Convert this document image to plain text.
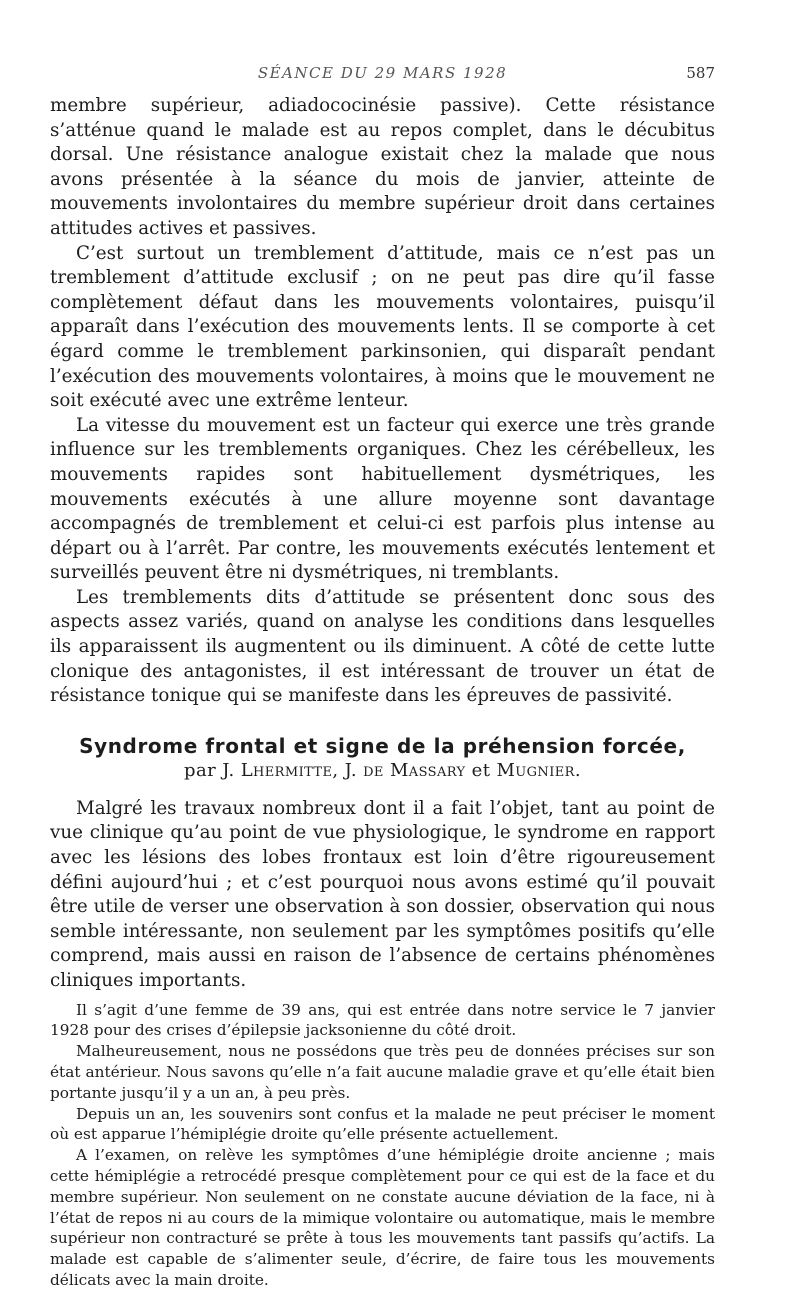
SÉANCE DU 29 MARS 1928	587

membre supérieur, adiadococinésie passive). Cette résistance s’atténue quand le malade est au repos complet, dans le décubitus dorsal. Une résistance analogue existait chez la malade que nous avons présentée à la séance du mois de janvier, atteinte de mouvements involontaires du membre supérieur droit dans certaines attitudes actives et passives.

C’est surtout un tremblement d’attitude, mais ce n’est pas un tremblement d’attitude exclusif ; on ne peut pas dire qu’il fasse complètement défaut dans les mouvements volontaires, puisqu’il apparaît dans l’exécution des mouvements lents. Il se comporte à cet égard comme le tremblement parkinsonien, qui disparaît pendant l’exécution des mouvements volontaires, à moins que le mouvement ne soit exécuté avec une extrême lenteur.

La vitesse du mouvement est un facteur qui exerce une très grande influence sur les tremblements organiques. Chez les cérébelleux, les mouvements rapides sont habituellement dysmétriques, les mouvements exécutés à une allure moyenne sont davantage accompagnés de tremblement et celui-ci est parfois plus intense au départ ou à l’arrêt. Par contre, les mouvements exécutés lentement et surveillés peuvent être ni dysmétriques, ni tremblants.

Les tremblements dits d’attitude se présentent donc sous des aspects assez variés, quand on analyse les conditions dans lesquelles ils apparaissent ils augmentent ou ils diminuent. A côté de cette lutte clonique des antagonistes, il est intéressant de trouver un état de résistance tonique qui se manifeste dans les épreuves de passivité.

Syndrome frontal et signe de la préhension forcée,
par J. Lhermitte, J. de Massary et Mugnier.

Malgré les travaux nombreux dont il a fait l’objet, tant au point de vue clinique qu’au point de vue physiologique, le syndrome en rapport avec les lésions des lobes frontaux est loin d’être rigoureusement défini aujourd’hui ; et c’est pourquoi nous avons estimé qu’il pouvait être utile de verser une observation à son dossier, observation qui nous semble intéressante, non seulement par les symptômes positifs qu’elle comprend, mais aussi en raison de l’absence de certains phénomènes cliniques importants.

Il s’agit d’une femme de 39 ans, qui est entrée dans notre service le 7 janvier 1928 pour des crises d’épilepsie jacksonienne du côté droit.

Malheureusement, nous ne possédons que très peu de données précises sur son état antérieur. Nous savons qu’elle n’a fait aucune maladie grave et qu’elle était bien portante jusqu’il y a un an, à peu près.

Depuis un an, les souvenirs sont confus et la malade ne peut préciser le moment où est apparue l’hémiplégie droite qu’elle présente actuellement.

A l’examen, on relève les symptômes d’une hémiplégie droite ancienne ; mais cette hémiplégie a retrocédé presque complètement pour ce qui est de la face et du membre supérieur. Non seulement on ne constate aucune déviation de la face, ni à l’état de repos ni au cours de la mimique volontaire ou automatique, mais le membre supérieur non contracturé se prête à tous les mouvements tant passifs qu’actifs. La malade est capable de s’alimenter seule, d’écrire, de faire tous les mouvements délicats avec la main droite.
